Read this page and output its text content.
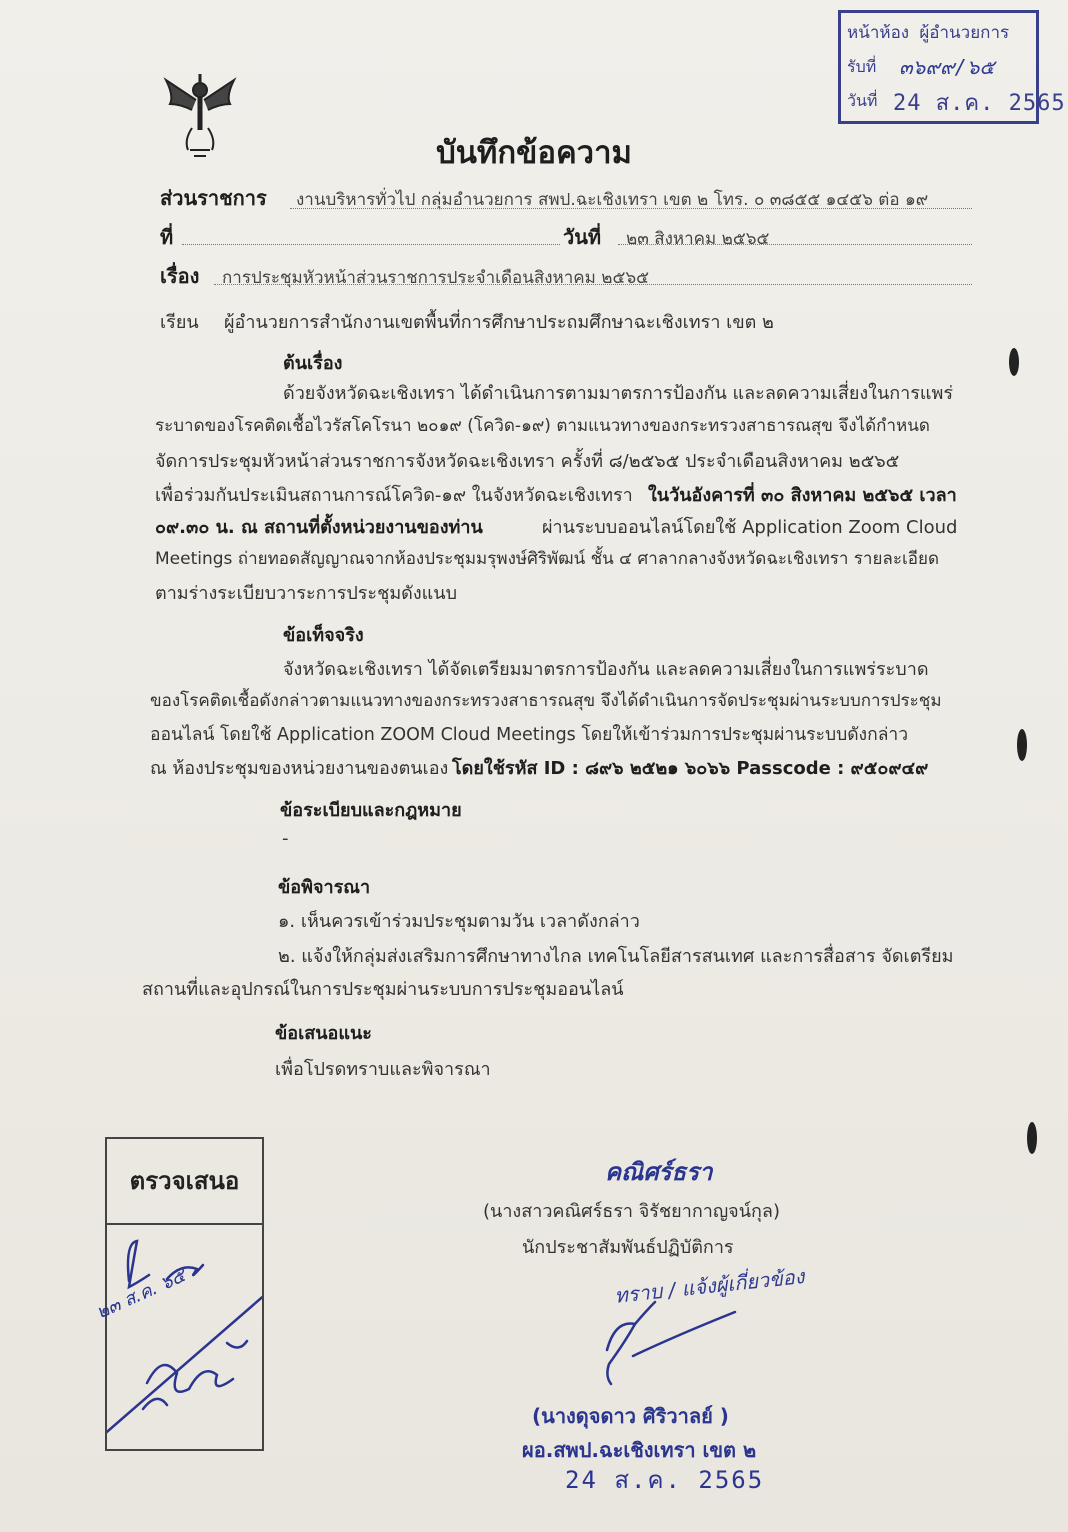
หน้าห้อง ผู้อำนวยการ
รับที่ ๓๖๙๙/๖๕
วันที่ 24 ส.ค. 2565
บันทึกข้อความ
ส่วนราชการ งานบริหารทั่วไป กลุ่มอำนวยการ สพป.ฉะเชิงเทรา เขต ๒ โทร. ๐ ๓๘๕๕ ๑๔๕๖ ต่อ ๑๙
ที่	วันที่ ๒๓ สิงหาคม ๒๕๖๕
เรื่อง การประชุมหัวหน้าส่วนราชการประจำเดือนสิงหาคม ๒๕๖๕
เรียน ผู้อำนวยการสำนักงานเขตพื้นที่การศึกษาประถมศึกษาฉะเชิงเทรา เขต ๒
ต้นเรื่อง
ด้วยจังหวัดฉะเชิงเทรา ได้ดำเนินการตามมาตรการป้องกัน และลดความเสี่ยงในการแพร่
ระบาดของโรคติดเชื้อไวรัสโคโรนา ๒๐๑๙ (โควิด-๑๙) ตามแนวทางของกระทรวงสาธารณสุข จึงได้กำหนด
จัดการประชุมหัวหน้าส่วนราชการจังหวัดฉะเชิงเทรา ครั้งที่ ๘/๒๕๖๕ ประจำเดือนสิงหาคม ๒๕๖๕
เพื่อร่วมกันประเมินสถานการณ์โควิด-๑๙ ในจังหวัดฉะเชิงเทรา ในวันอังคารที่ ๓๐ สิงหาคม ๒๕๖๕ เวลา
๐๙.๓๐ น. ณ สถานที่ตั้งหน่วยงานของท่าน	ผ่านระบบออนไลน์โดยใช้ Application Zoom Cloud
Meetings ถ่ายทอดสัญญาณจากห้องประชุมมรุพงษ์ศิริพัฒน์ ชั้น ๔ ศาลากลางจังหวัดฉะเชิงเทรา รายละเอียด
ตามร่างระเบียบวาระการประชุมดังแนบ
ข้อเท็จจริง
จังหวัดฉะเชิงเทรา ได้จัดเตรียมมาตรการป้องกัน และลดความเสี่ยงในการแพร่ระบาด
ของโรคติดเชื้อดังกล่าวตามแนวทางของกระทรวงสาธารณสุข จึงได้ดำเนินการจัดประชุมผ่านระบบการประชุม
ออนไลน์ โดยใช้ Application ZOOM Cloud Meetings โดยให้เข้าร่วมการประชุมผ่านระบบดังกล่าว
ณ ห้องประชุมของหน่วยงานของตนเอง โดยใช้รหัส ID : ๘๙๖ ๒๕๒๑ ๖๐๖๖ Passcode : ๙๕๐๙๔๙
ข้อระเบียบและกฎหมาย
-
ข้อพิจารณา
๑. เห็นควรเข้าร่วมประชุมตามวัน เวลาดังกล่าว
๒. แจ้งให้กลุ่มส่งเสริมการศึกษาทางไกล เทคโนโลยีสารสนเทศ และการสื่อสาร จัดเตรียม
สถานที่และอุปกรณ์ในการประชุมผ่านระบบการประชุมออนไลน์
ข้อเสนอแนะ
เพื่อโปรดทราบและพิจารณา
ตรวจเสนอ
๒๓ ส.ค. ๖๕
คณิศร์ธรา
(นางสาวคณิศร์ธรา จิรัชยากาญจน์กุล)
นักประชาสัมพันธ์ปฏิบัติการ
ทราบ / แจ้งผู้เกี่ยวข้อง
(นางดุจดาว ศิริวาลย์ )
ผอ.สพป.ฉะเชิงเทรา เขต ๒
24 ส.ค. 2565
